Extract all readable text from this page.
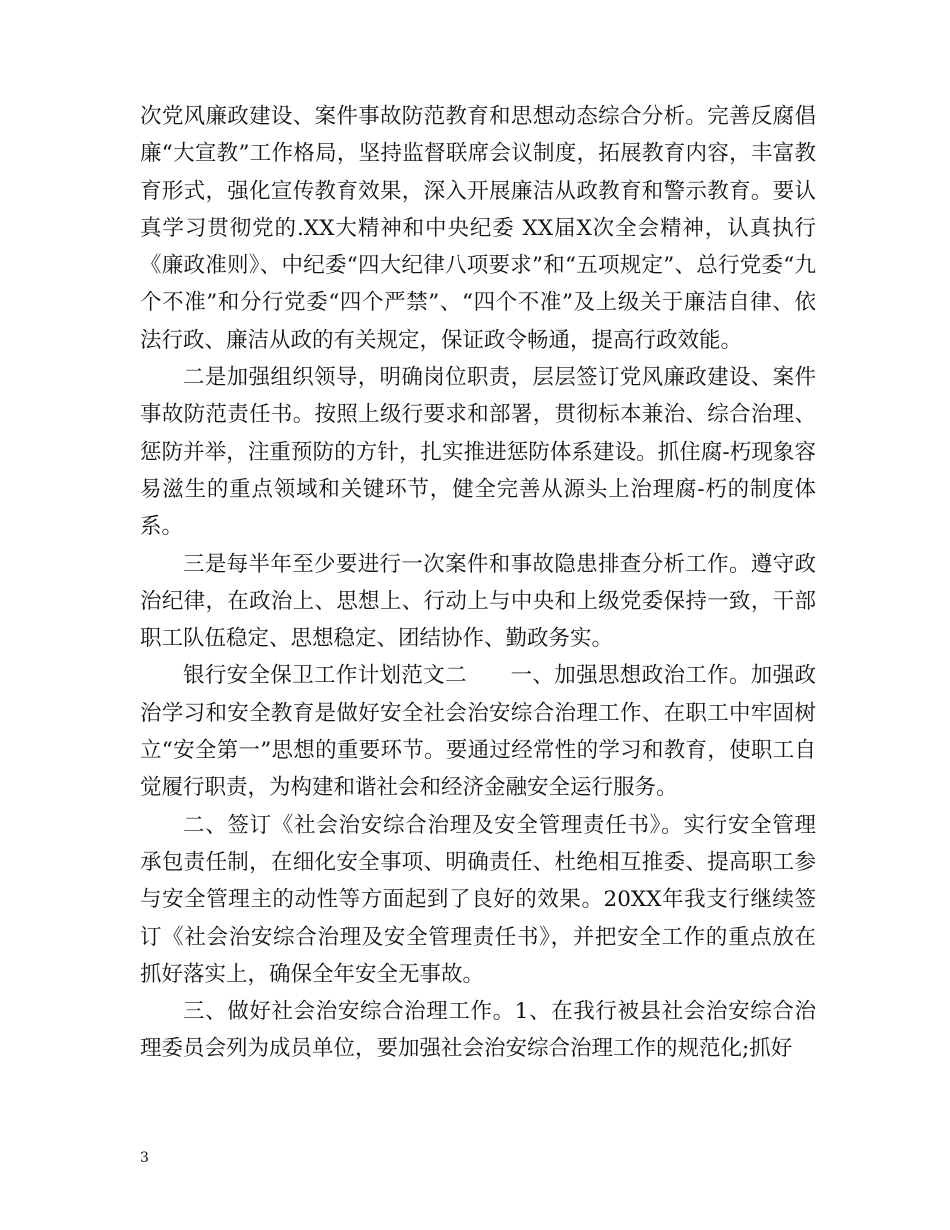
次党风廉政建设、案件事故防范教育和思想动态综合分析。完善反腐倡廉“大宣教”工作格局，坚持监督联席会议制度，拓展教育内容，丰富教育形式，强化宣传教育效果，深入开展廉洁从政教育和警示教育。要认真学习贯彻党的.XX大精神和中央纪委 XX届X次全会精神，认真执行《廉政准则》、中纪委“四大纪律八项要求”和“五项规定”、总行党委“九个不准”和分行党委“四个严禁”、“四个不准”及上级关于廉洁自律、依法行政、廉洁从政的有关规定，保证政令畅通，提高行政效能。

二是加强组织领导，明确岗位职责，层层签订党风廉政建设、案件事故防范责任书。按照上级行要求和部署，贯彻标本兼治、综合治理、惩防并举，注重预防的方针，扎实推进惩防体系建设。抓住腐-朽现象容易滋生的重点领域和关键环节，健全完善从源头上治理腐-朽的制度体系。

三是每半年至少要进行一次案件和事故隐患排查分析工作。遵守政治纪律，在政治上、思想上、行动上与中央和上级党委保持一致，干部职工队伍稳定、思想稳定、团结协作、勤政务实。

银行安全保卫工作计划范文二　　一、加强思想政治工作。加强政治学习和安全教育是做好安全社会治安综合治理工作、在职工中牢固树立“安全第一”思想的重要环节。要通过经常性的学习和教育，使职工自觉履行职责，为构建和谐社会和经济金融安全运行服务。

二、签订《社会治安综合治理及安全管理责任书》。实行安全管理承包责任制，在细化安全事项、明确责任、杜绝相互推委、提高职工参与安全管理主的动性等方面起到了良好的效果。20XX年我支行继续签订《社会治安综合治理及安全管理责任书》，并把安全工作的重点放在抓好落实上，确保全年安全无事故。

三、做好社会治安综合治理工作。1、在我行被县社会治安综合治理委员会列为成员单位，要加强社会治安综合治理工作的规范化;抓好

3
